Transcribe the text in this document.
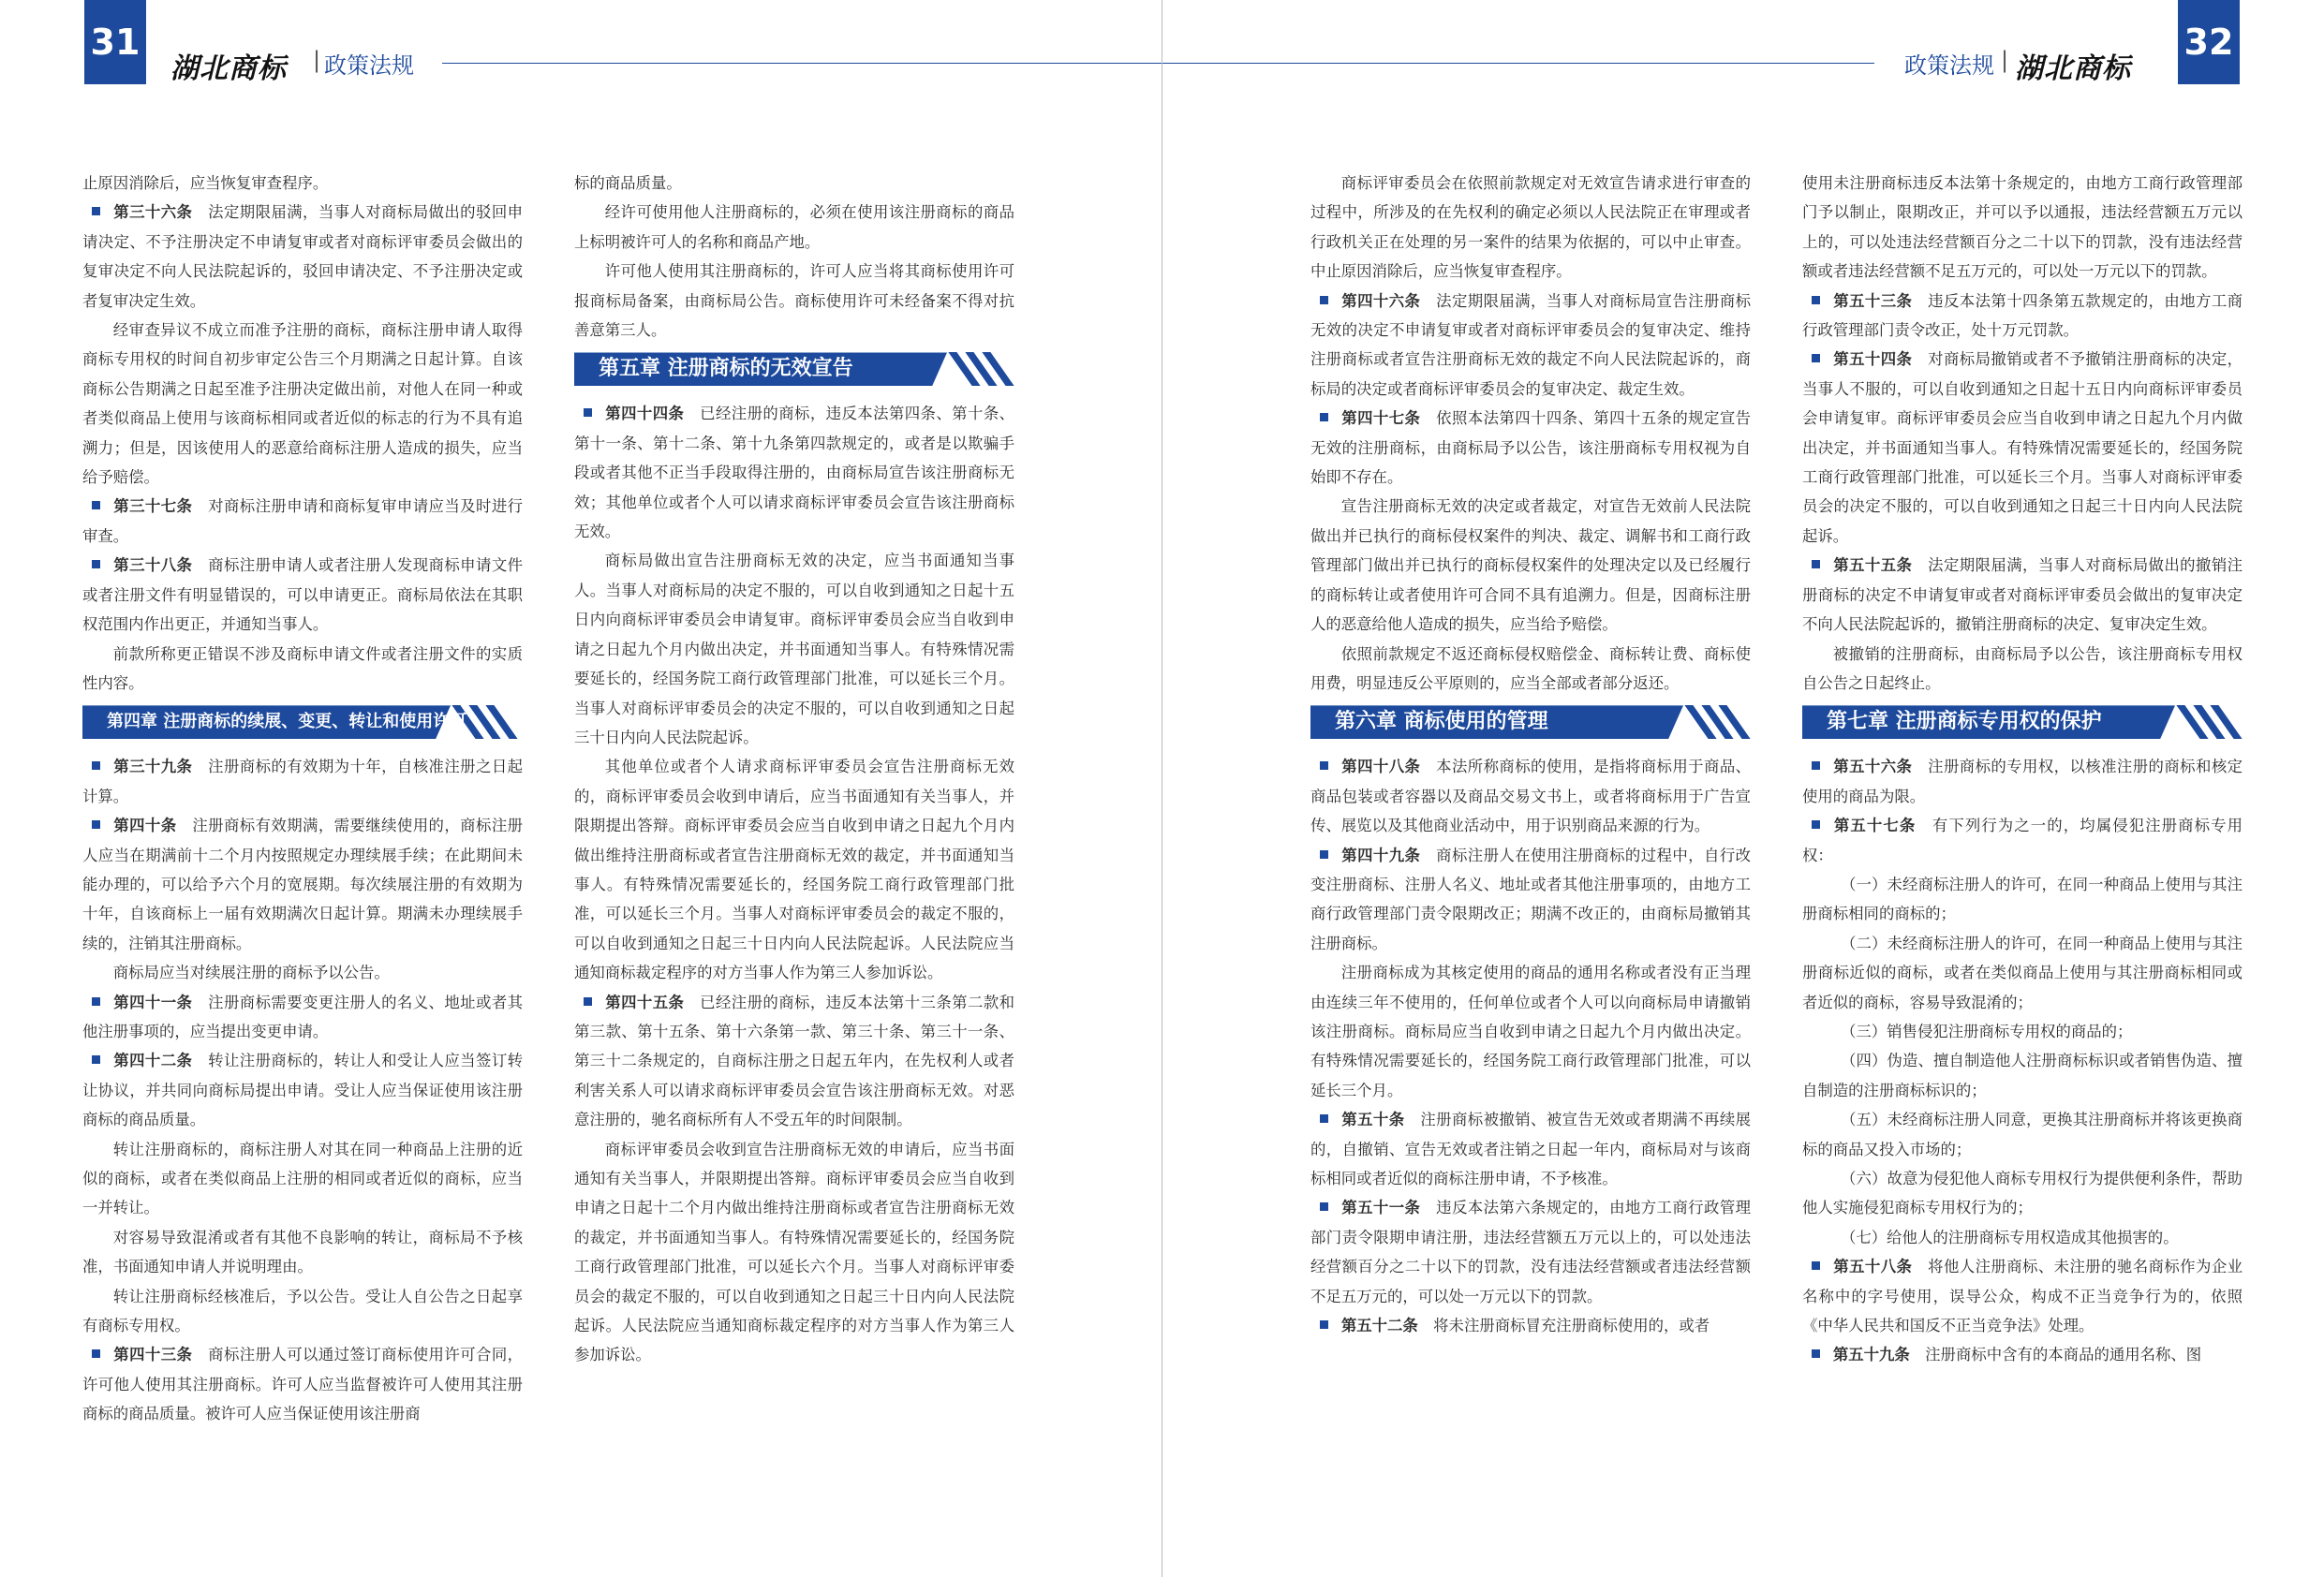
31
湖北商标 | 政策法规

止原因消除后，应当恢复审查程序。

第三十六条　 法定期限届满，当事人对商标局做出的驳回申请决定、不予注册决定不申请复审或者对商标评审委员会做出的复审决定不向人民法院起诉的，驳回申请决定、不予注册决定或者复审决定生效。

经审查异议不成立而准予注册的商标，商标注册申请人取得商标专用权的时间自初步审定公告三个月期满之日起计算。自该商标公告期满之日起至准予注册决定做出前，对他人在同一种或者类似商品上使用与该商标相同或者近似的标志的行为不具有追溯力；但是，因该使用人的恶意给商标注册人造成的损失，应当给予赔偿。

第三十七条　 对商标注册申请和商标复审申请应当及时进行审查。

第三十八条　 商标注册申请人或者注册人发现商标申请文件或者注册文件有明显错误的，可以申请更正。商标局依法在其职权范围内作出更正，并通知当事人。

前款所称更正错误不涉及商标申请文件或者注册文件的实质性内容。

第四章 注册商标的续展、变更、转让和使用许可

第三十九条　 注册商标的有效期为十年，自核准注册之日起计算。

第四十条　 注册商标有效期满，需要继续使用的，商标注册人应当在期满前十二个月内按照规定办理续展手续；在此期间未能办理的，可以给予六个月的宽展期。每次续展注册的有效期为十年，自该商标上一届有效期满次日起计算。期满未办理续展手续的，注销其注册商标。

商标局应当对续展注册的商标予以公告。

第四十一条　 注册商标需要变更注册人的名义、地址或者其他注册事项的，应当提出变更申请。

第四十二条　 转让注册商标的，转让人和受让人应当签订转让协议，并共同向商标局提出申请。受让人应当保证使用该注册商标的商品质量。

转让注册商标的，商标注册人对其在同一种商品上注册的近似的商标，或者在类似商品上注册的相同或者近似的商标，应当一并转让。

对容易导致混淆或者有其他不良影响的转让，商标局不予核准，书面通知申请人并说明理由。

转让注册商标经核准后，予以公告。受让人自公告之日起享有商标专用权。

第四十三条　 商标注册人可以通过签订商标使用许可合同，许可他人使用其注册商标。许可人应当监督被许可人使用其注册商标的商品质量。被许可人应当保证使用该注册商

标的商品质量。

经许可使用他人注册商标的，必须在使用该注册商标的商品上标明被许可人的名称和商品产地。

许可他人使用其注册商标的，许可人应当将其商标使用许可报商标局备案，由商标局公告。商标使用许可未经备案不得对抗善意第三人。

第五章 注册商标的无效宣告

第四十四条　 已经注册的商标，违反本法第四条、第十条、第十一条、第十二条、第十九条第四款规定的，或者是以欺骗手段或者其他不正当手段取得注册的，由商标局宣告该注册商标无效；其他单位或者个人可以请求商标评审委员会宣告该注册商标无效。

商标局做出宣告注册商标无效的决定，应当书面通知当事人。当事人对商标局的决定不服的，可以自收到通知之日起十五日内向商标评审委员会申请复审。商标评审委员会应当自收到申请之日起九个月内做出决定，并书面通知当事人。有特殊情况需要延长的，经国务院工商行政管理部门批准，可以延长三个月。当事人对商标评审委员会的决定不服的，可以自收到通知之日起三十日内向人民法院起诉。

其他单位或者个人请求商标评审委员会宣告注册商标无效的，商标评审委员会收到申请后，应当书面通知有关当事人，并限期提出答辩。商标评审委员会应当自收到申请之日起九个月内做出维持注册商标或者宣告注册商标无效的裁定，并书面通知当事人。有特殊情况需要延长的，经国务院工商行政管理部门批准，可以延长三个月。当事人对商标评审委员会的裁定不服的，可以自收到通知之日起三十日内向人民法院起诉。人民法院应当通知商标裁定程序的对方当事人作为第三人参加诉讼。

第四十五条　 已经注册的商标，违反本法第十三条第二款和第三款、第十五条、第十六条第一款、第三十条、第三十一条、第三十二条规定的，自商标注册之日起五年内，在先权利人或者利害关系人可以请求商标评审委员会宣告该注册商标无效。对恶意注册的，驰名商标所有人不受五年的时间限制。

商标评审委员会收到宣告注册商标无效的申请后，应当书面通知有关当事人，并限期提出答辩。商标评审委员会应当自收到申请之日起十二个月内做出维持注册商标或者宣告注册商标无效的裁定，并书面通知当事人。有特殊情况需要延长的，经国务院工商行政管理部门批准，可以延长六个月。当事人对商标评审委员会的裁定不服的，可以自收到通知之日起三十日内向人民法院起诉。人民法院应当通知商标裁定程序的对方当事人作为第三人参加诉讼。

政策法规 | 湖北商标
32

商标评审委员会在依照前款规定对无效宣告请求进行审查的过程中，所涉及的在先权利的确定必须以人民法院正在审理或者行政机关正在处理的另一案件的结果为依据的，可以中止审查。中止原因消除后，应当恢复审查程序。

第四十六条　 法定期限届满，当事人对商标局宣告注册商标无效的决定不申请复审或者对商标评审委员会的复审决定、维持注册商标或者宣告注册商标无效的裁定不向人民法院起诉的，商标局的决定或者商标评审委员会的复审决定、裁定生效。

第四十七条　 依照本法第四十四条、第四十五条的规定宣告无效的注册商标，由商标局予以公告，该注册商标专用权视为自始即不存在。

宣告注册商标无效的决定或者裁定，对宣告无效前人民法院做出并已执行的商标侵权案件的判决、裁定、调解书和工商行政管理部门做出并已执行的商标侵权案件的处理决定以及已经履行的商标转让或者使用许可合同不具有追溯力。但是，因商标注册人的恶意给他人造成的损失，应当给予赔偿。

依照前款规定不返还商标侵权赔偿金、商标转让费、商标使用费，明显违反公平原则的，应当全部或者部分返还。

第六章 商标使用的管理

第四十八条　 本法所称商标的使用，是指将商标用于商品、商品包装或者容器以及商品交易文书上，或者将商标用于广告宣传、展览以及其他商业活动中，用于识别商品来源的行为。

第四十九条　 商标注册人在使用注册商标的过程中，自行改变注册商标、注册人名义、地址或者其他注册事项的，由地方工商行政管理部门责令限期改正；期满不改正的，由商标局撤销其注册商标。

注册商标成为其核定使用的商品的通用名称或者没有正当理由连续三年不使用的，任何单位或者个人可以向商标局申请撤销该注册商标。商标局应当自收到申请之日起九个月内做出决定。有特殊情况需要延长的，经国务院工商行政管理部门批准，可以延长三个月。

第五十条　 注册商标被撤销、被宣告无效或者期满不再续展的，自撤销、宣告无效或者注销之日起一年内，商标局对与该商标相同或者近似的商标注册申请，不予核准。

第五十一条　 违反本法第六条规定的，由地方工商行政管理部门责令限期申请注册，违法经营额五万元以上的，可以处违法经营额百分之二十以下的罚款，没有违法经营额或者违法经营额不足五万元的，可以处一万元以下的罚款。

第五十二条　 将未注册商标冒充注册商标使用的，或者

使用未注册商标违反本法第十条规定的，由地方工商行政管理部门予以制止，限期改正，并可以予以通报，违法经营额五万元以上的，可以处违法经营额百分之二十以下的罚款，没有违法经营额或者违法经营额不足五万元的，可以处一万元以下的罚款。

第五十三条　 违反本法第十四条第五款规定的，由地方工商行政管理部门责令改正，处十万元罚款。

第五十四条　 对商标局撤销或者不予撤销注册商标的决定，当事人不服的，可以自收到通知之日起十五日内向商标评审委员会申请复审。商标评审委员会应当自收到申请之日起九个月内做出决定，并书面通知当事人。有特殊情况需要延长的，经国务院工商行政管理部门批准，可以延长三个月。当事人对商标评审委员会的决定不服的，可以自收到通知之日起三十日内向人民法院起诉。

第五十五条　 法定期限届满，当事人对商标局做出的撤销注册商标的决定不申请复审或者对商标评审委员会做出的复审决定不向人民法院起诉的，撤销注册商标的决定、复审决定生效。

被撤销的注册商标，由商标局予以公告，该注册商标专用权自公告之日起终止。

第七章 注册商标专用权的保护

第五十六条　 注册商标的专用权，以核准注册的商标和核定使用的商品为限。

第五十七条　 有下列行为之一的，均属侵犯注册商标专用权：

（一）未经商标注册人的许可，在同一种商品上使用与其注册商标相同的商标的；

（二）未经商标注册人的许可，在同一种商品上使用与其注册商标近似的商标，或者在类似商品上使用与其注册商标相同或者近似的商标，容易导致混淆的；

（三）销售侵犯注册商标专用权的商品的；

（四）伪造、擅自制造他人注册商标标识或者销售伪造、擅自制造的注册商标标识的；

（五）未经商标注册人同意，更换其注册商标并将该更换商标的商品又投入市场的；

（六）故意为侵犯他人商标专用权行为提供便利条件，帮助他人实施侵犯商标专用权行为的；

（七）给他人的注册商标专用权造成其他损害的。

第五十八条　 将他人注册商标、未注册的驰名商标作为企业名称中的字号使用，误导公众，构成不正当竞争行为的，依照《中华人民共和国反不正当竞争法》处理。

第五十九条　 注册商标中含有的本商品的通用名称、图
